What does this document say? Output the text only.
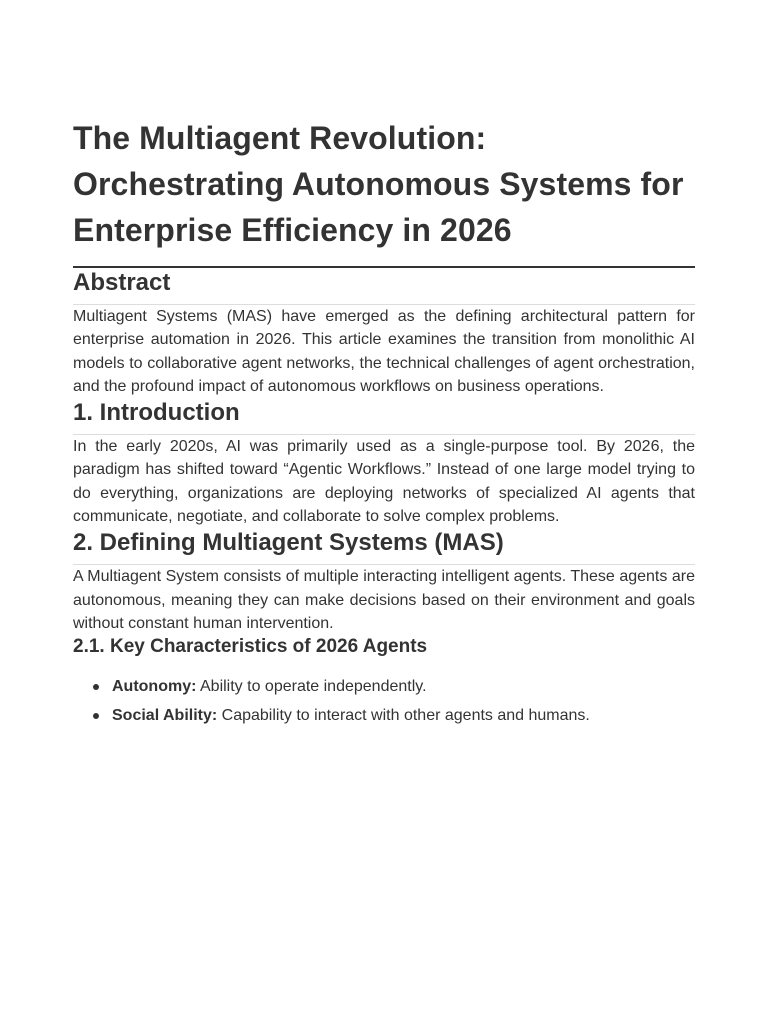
The Multiagent Revolution: Orchestrating Autonomous Systems for Enterprise Efficiency in 2026
Abstract

Multiagent Systems (MAS) have emerged as the defining architectural pattern for enterprise automation in 2026. This article examines the transition from monolithic AI models to collaborative agent networks, the technical challenges of agent orchestration, and the profound impact of autonomous workflows on business operations.

1. Introduction

In the early 2020s, AI was primarily used as a single-purpose tool. By 2026, the paradigm has shifted toward “Agentic Workflows.” Instead of one large model trying to do everything, organizations are deploying networks of specialized AI agents that communicate, negotiate, and collaborate to solve complex problems.

2. Defining Multiagent Systems (MAS)

A Multiagent System consists of multiple interacting intelligent agents. These agents are autonomous, meaning they can make decisions based on their environment and goals without constant human intervention.

2.1. Key Characteristics of 2026 Agents
Autonomy: Ability to operate independently.
Social Ability: Capability to interact with other agents and humans.
